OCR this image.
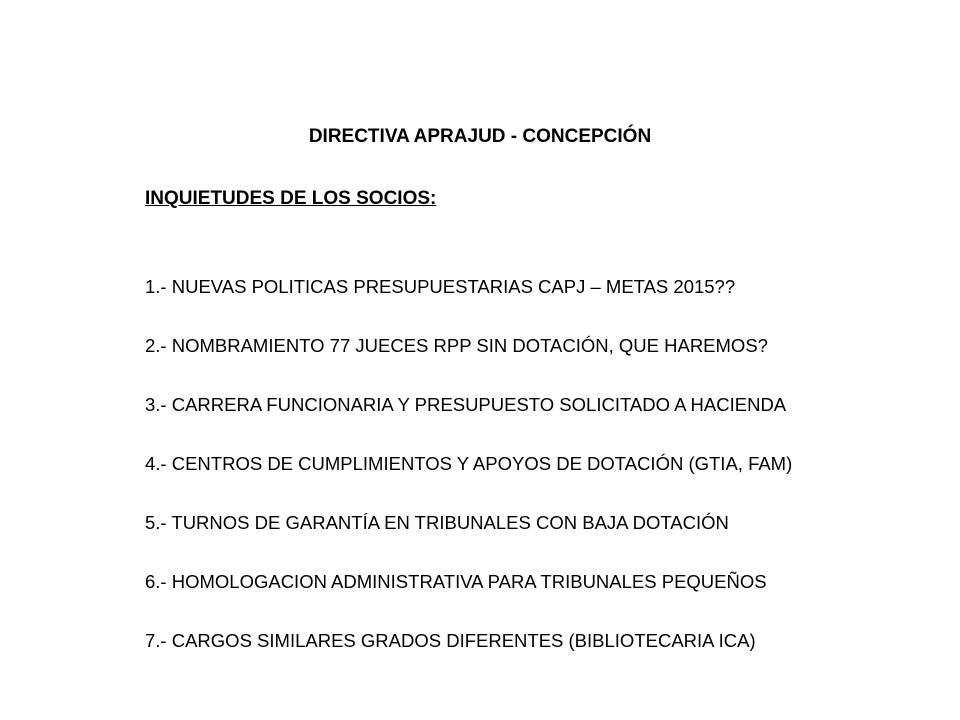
DIRECTIVA APRAJUD - CONCEPCIÓN
INQUIETUDES DE LOS SOCIOS:
1.- NUEVAS POLITICAS PRESUPUESTARIAS CAPJ – METAS 2015??
2.- NOMBRAMIENTO 77 JUECES RPP SIN DOTACIÓN, QUE HAREMOS?
3.- CARRERA FUNCIONARIA Y PRESUPUESTO SOLICITADO A HACIENDA
4.- CENTROS DE CUMPLIMIENTOS Y APOYOS DE DOTACIÓN (GTIA, FAM)
5.- TURNOS DE GARANTÍA EN TRIBUNALES CON BAJA DOTACIÓN
6.- HOMOLOGACION ADMINISTRATIVA PARA TRIBUNALES PEQUEÑOS
7.- CARGOS SIMILARES GRADOS DIFERENTES (BIBLIOTECARIA ICA)
